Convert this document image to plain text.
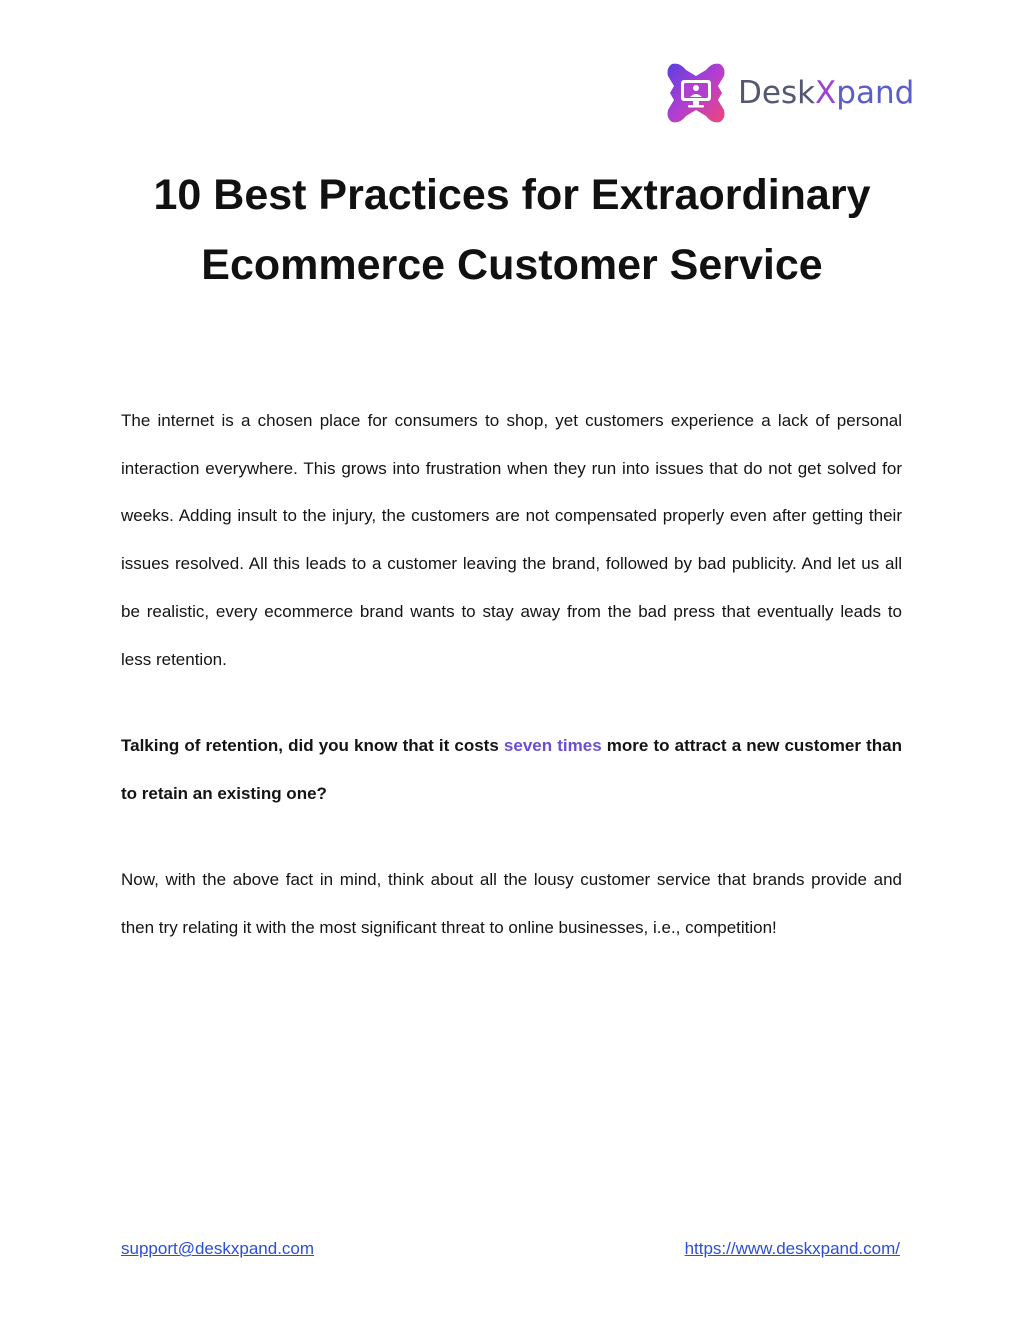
DeskXpand
10 Best Practices for Extraordinary
Ecommerce Customer Service

The internet is a chosen place for consumers to shop, yet customers experience a lack of personal interaction everywhere. This grows into frustration when they run into issues that do not get solved for weeks. Adding insult to the injury, the customers are not compensated properly even after getting their issues resolved. All this leads to a customer leaving the brand, followed by bad publicity. And let us all be realistic, every ecommerce brand wants to stay away from the bad press that eventually leads to less retention.

Talking of retention, did you know that it costs seven times more to attract a new customer than to retain an existing one?

Now, with the above fact in mind, think about all the lousy customer service that brands provide and then try relating it with the most significant threat to online businesses, i.e., competition!

support@deskxpand.com	https://www.deskxpand.com/
